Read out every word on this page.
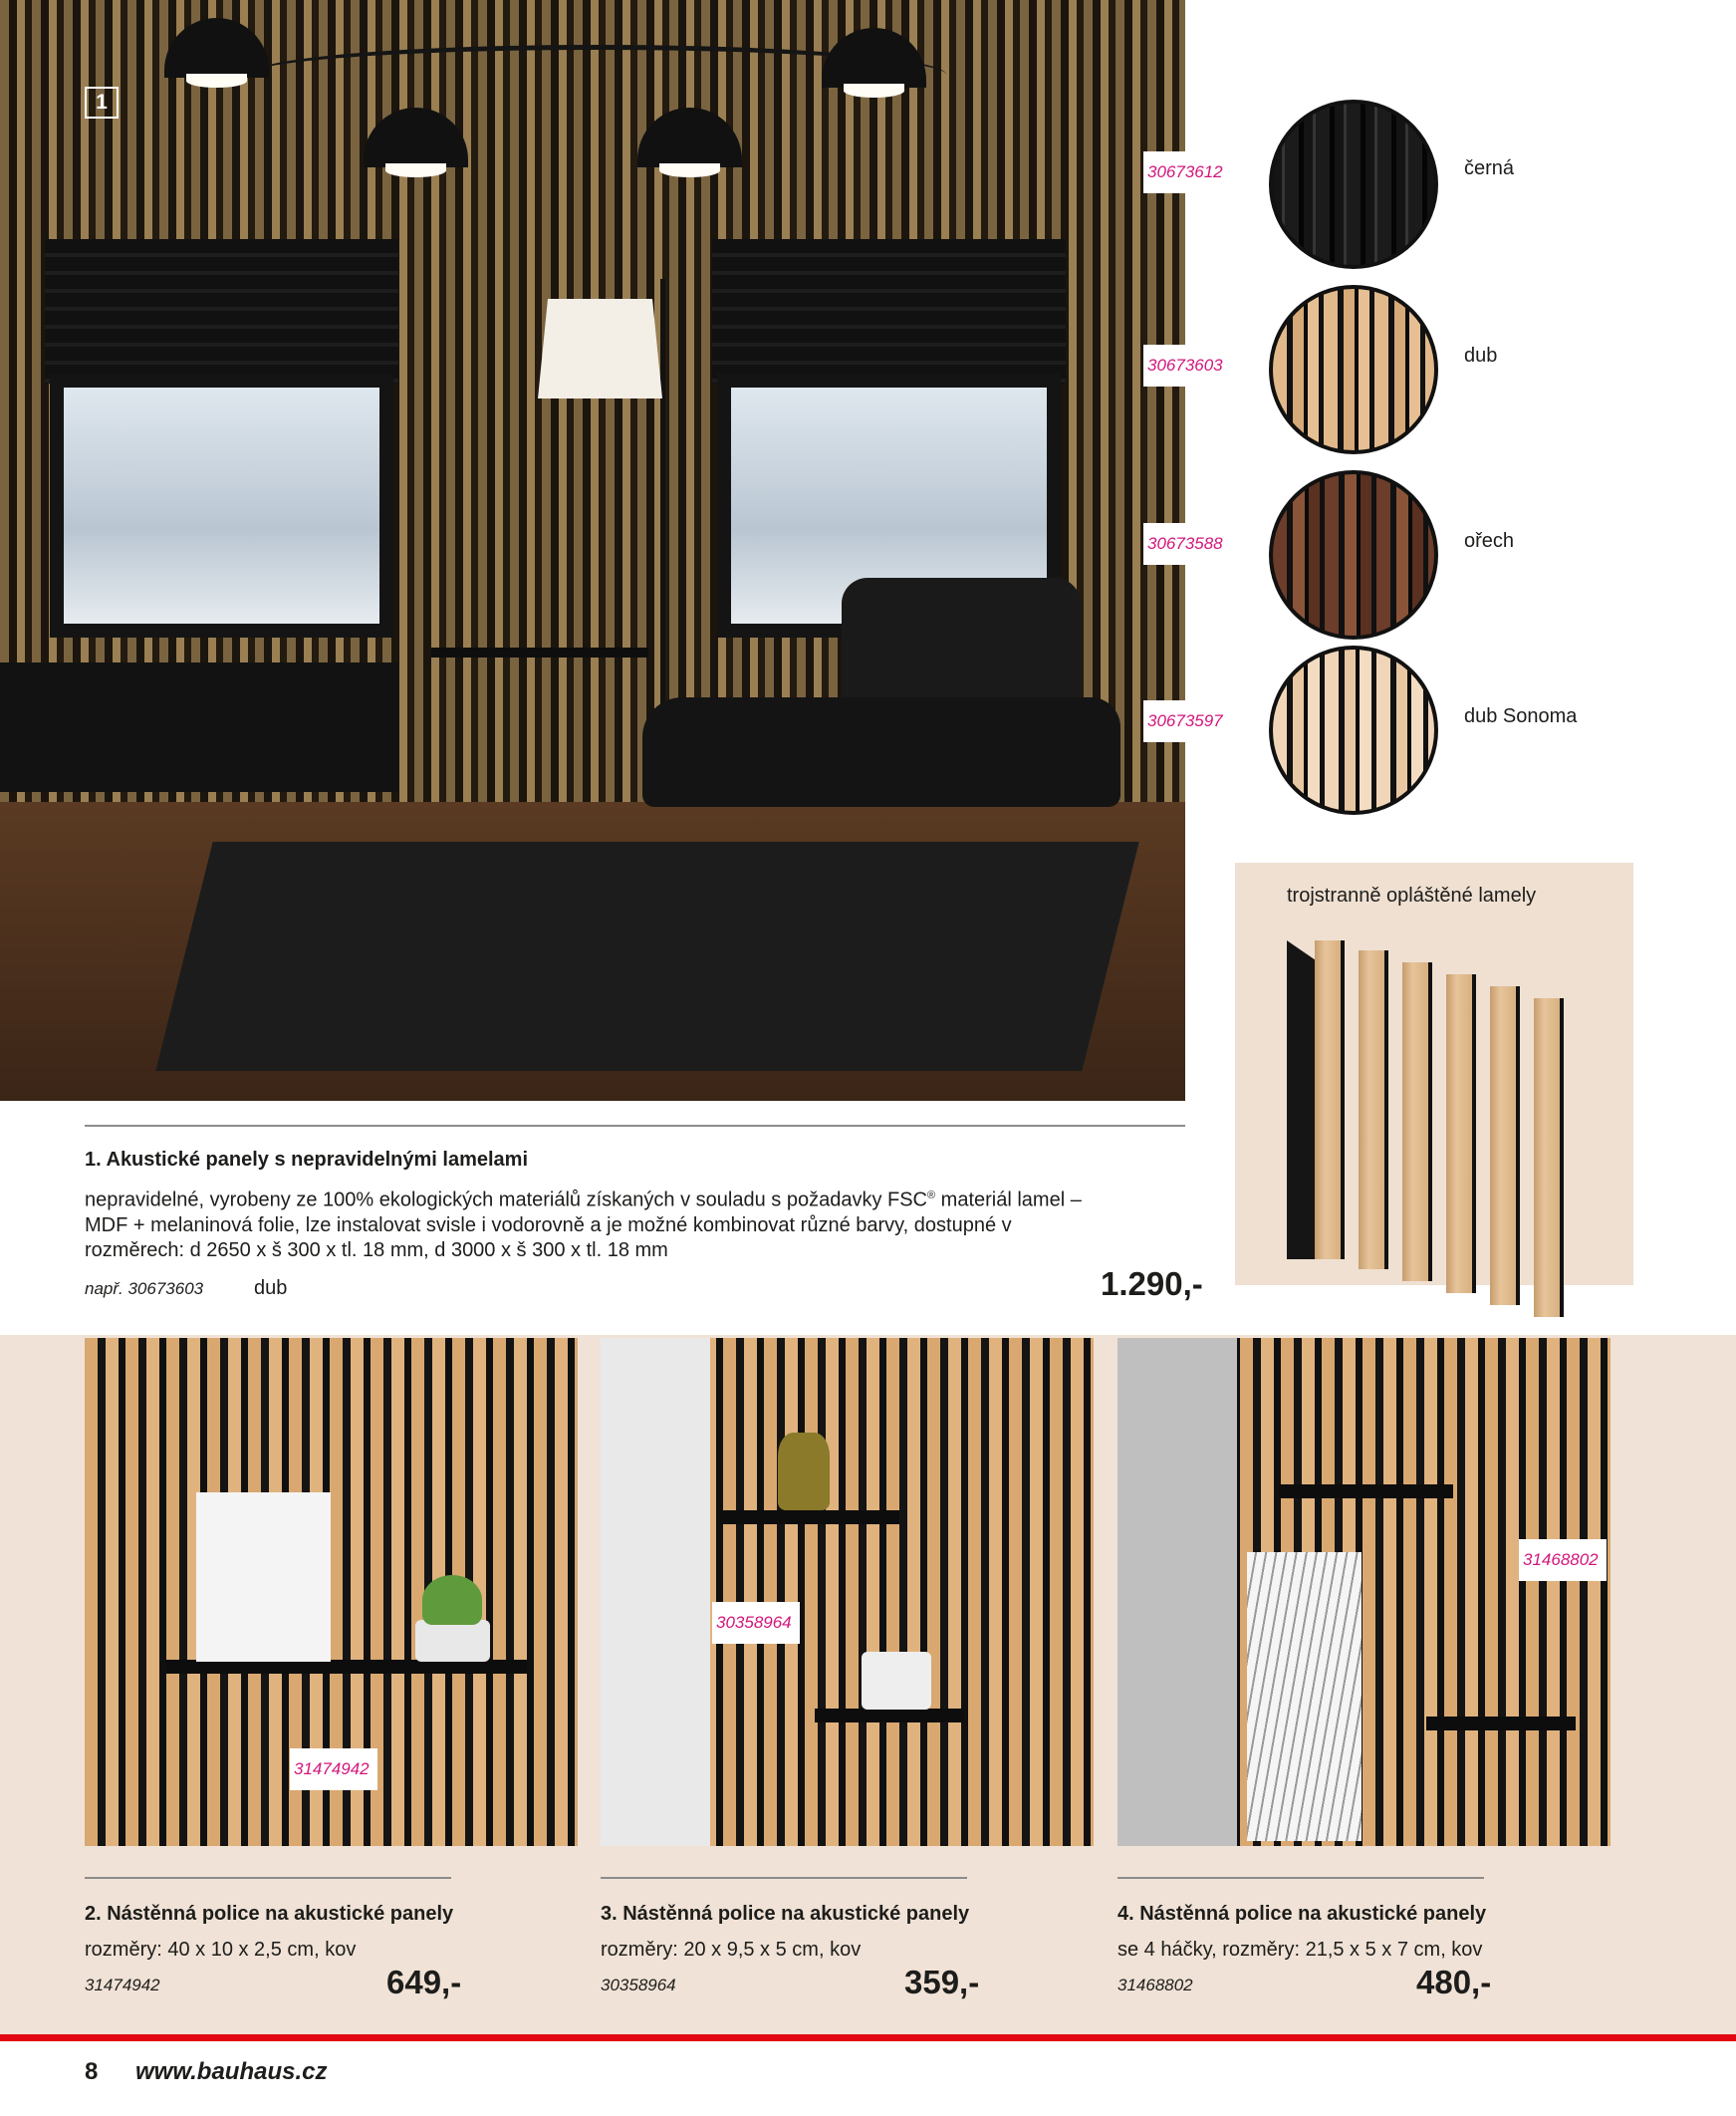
1
30673612	černá
30673603	dub
30673588	ořech
30673597	dub Sonoma
trojstranně opláštěné lamely
1. Akustické panely s nepravidelnými lamelami
nepravidelné, vyrobeny ze 100% ekologických materiálů získaných v souladu s požadavky FSC® materiál lamel – MDF + melaninová folie, lze instalovat svisle i vodorovně a je možné kombinovat různé barvy, dostupné v rozměrech: d 2650 x š 300 x tl. 18 mm, d 3000 x š 300 x tl. 18 mm
např. 30673603	dub	1.290,-
31474942
2. Nástěnná police na akustické panely
rozměry: 40 x 10 x 2,5 cm, kov
31474942	649,-
30358964
3. Nástěnná police na akustické panely
rozměry: 20 x 9,5 x 5 cm, kov
30358964	359,-
31468802
4. Nástěnná police na akustické panely
se 4 háčky, rozměry: 21,5 x 5 x 7 cm, kov
31468802	480,-
8 www.bauhaus.cz
